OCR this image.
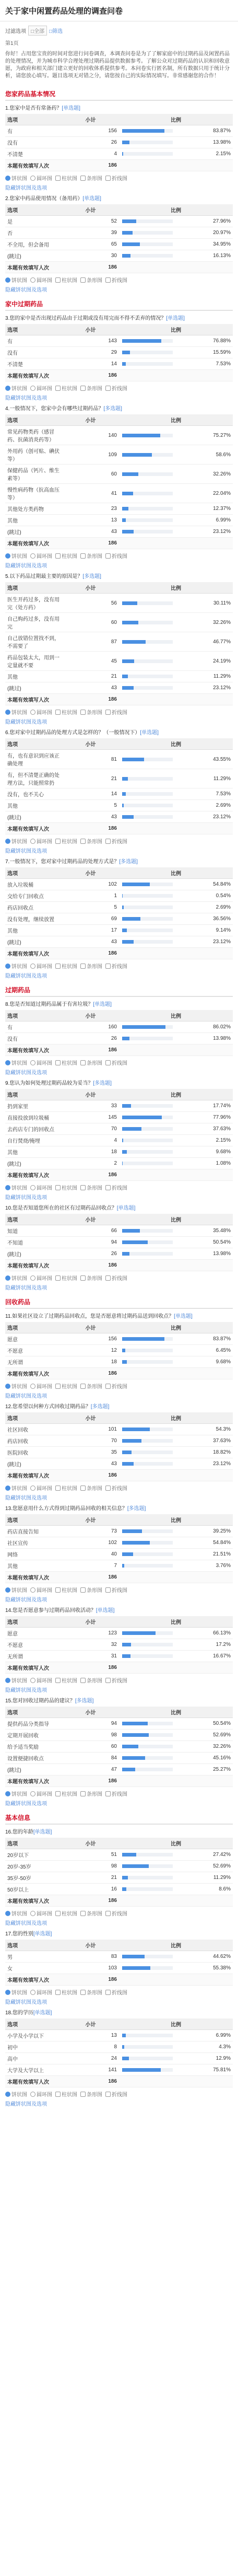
关于家中闲置药品处理的调查问卷
过滤选项 □全部 □筛选
第1页
你好！占用您宝贵的时间对您进行问卷调查，本调查问卷是为了了解家庭中的过期药品及闲置药品的处理情况，并为城市科学合理处理过期药品提供数据参考。了解公众对过期药品的认识和回收意愿，为政府和相关部门建立更好的回收体系提供参考。本问卷实行匿名制，所有数据只用于统计分析，请您放心填写。题目选项无对错之分，请您按自己的实际情况填写。非常感谢您的合作！
您家药品基本情况
1.您家中是否有常备药？[单选题]
选项	小计	比例	
有	156		83.87%
没有	26		13.98%
不清楚	4		2.15%
本题有效填写人次	186		
饼状图 圆环图 柱状图 条形图 折线图
隐藏饼状图及选项
2.您家中药品使用情况（备用药）[单选题]
选项	小计	比例	
是	52		27.96%
否	39		20.97%
不全用，但会备用	65		34.95%
(跳过)	30		16.13%
本题有效填写人次	186		
饼状图 圆环图 柱状图 条形图 折线图
隐藏饼状图及选项
家中过期药品
3.您的家中是否出现过药品由于过期或没有用完而不得不丢弃的情况？[单选题]
选项	小计	比例	
有	143		76.88%
没有	29		15.59%
不清楚	14		7.53%
本题有效填写人次	186		
饼状图 圆环图 柱状图 条形图 折线图
隐藏饼状图及选项
4.一般情况下，您家中会有哪些过期药品？[多选题]
选项	小计	比例	
常见药物类药（感冒药、抗菌消炎药等）	140		75.27%
外用药（创可贴、碘伏等）	109		58.6%
保健药品（钙片、维生素等）	60		32.26%
慢性病药物（抗高血压等）	41		22.04%
其他处方类药物	23		12.37%
其他	13		6.99%
(跳过)	43		23.12%
本题有效填写人次	186		
饼状图 圆环图 柱状图 条形图 折线图
隐藏饼状图及选项
5.以下药品过期最主要的原因是？[多选题]
选项	小计	比例	
医生开药过多，没有用完（处方药）	56		30.11%
自己购药过多，没有用完	60		32.26%
自己放错位置找不到，不需要了	87		46.77%
药品包装太大，用到一定量就不要	45		24.19%
其他	21		11.29%
(跳过)	43		23.12%
本题有效填写人次	186		
饼状图 圆环图 柱状图 条形图 折线图
隐藏饼状图及选项
6.您对家中过期药品的处理方式是怎样的？（一般情况下）[单选题]
选项	小计	比例	
有，也有意识到应该正确处理	81		43.55%
有，但不清楚正确的处理方法，只能照常扔	21		11.29%
没有，也不关心	14		7.53%
其他	5		2.69%
(跳过)	43		23.12%
本题有效填写人次	186		
饼状图 圆环图 柱状图 条形图 折线图
隐藏饼状图及选项
7.一般情况下，您对家中过期药品的处理方式是？[多选题]
选项	小计	比例	
放入垃圾桶	102		54.84%
交给专门回收点	1		0.54%
药店回收点	5		2.69%
没有处理，继续放置	69		36.56%
其他	17		9.14%
(跳过)	43		23.12%
本题有效填写人次	186		
饼状图 圆环图 柱状图 条形图 折线图
隐藏饼状图及选项
过期药品
8.您是否知道过期药品属于有害垃圾？[单选题]
选项	小计	比例	
有	160		86.02%
没有	26		13.98%
本题有效填写人次	186		
饼状图 圆环图 柱状图 条形图 折线图
隐藏饼状图及选项
9.您认为如何处理过期药品较为妥当？[多选题]
选项	小计	比例	
扔到家里	33		17.74%
直接投放到垃圾桶	145		77.96%
去药店专门的回收点	70		37.63%
自行焚烧/掩埋	4		2.15%
其他	18		9.68%
(跳过)	2		1.08%
本题有效填写人次	186		
饼状图 圆环图 柱状图 条形图 折线图
隐藏饼状图及选项
10.您是否知道您所在的社区有过期药品回收点？[单选题]
选项	小计	比例	
知道	66		35.48%
不知道	94		50.54%
(跳过)	26		13.98%
本题有效填写人次	186		
饼状图 圆环图 柱状图 条形图 折线图
隐藏饼状图及选项
回收药品
11.如果社区设立了过期药品回收点，您是否愿意将过期药品送到回收点？[单选题]
选项	小计	比例	
愿意	156		83.87%
不愿意	12		6.45%
无所谓	18		9.68%
本题有效填写人次	186		
饼状图 圆环图 柱状图 条形图 折线图
隐藏饼状图及选项
12.您希望以何种方式回收过期药品？[多选题]
选项	小计	比例	
社区回收	101		54.3%
药店回收	70		37.63%
医院回收	35		18.82%
(跳过)	43		23.12%
本题有效填写人次	186		
饼状图 圆环图 柱状图 条形图 折线图
隐藏饼状图及选项
13.您愿意用什么方式得到过期药品回收的相关信息？[多选题]
选项	小计	比例	
药店直接告知	73		39.25%
社区宣传	102		54.84%
网络	40		21.51%
其他	7		3.76%
本题有效填写人次	186		
饼状图 圆环图 柱状图 条形图 折线图
隐藏饼状图及选项
14.您是否愿意参与过期药品回收活动？[单选题]
选项	小计	比例	
愿意	123		66.13%
不愿意	32		17.2%
无所谓	31		16.67%
本题有效填写人次	186		
饼状图 圆环图 柱状图 条形图 折线图
隐藏饼状图及选项
15.您对回收过期药品的建议？[多选题]
选项	小计	比例	
提供药品分类指导	94		50.54%
定期开展回收	98		52.69%
给予适当奖励	60		32.26%
设置便捷回收点	84		45.16%
(跳过)	47		25.27%
本题有效填写人次	186		
饼状图 圆环图 柱状图 条形图 折线图
隐藏饼状图及选项
基本信息
16.您的年龄[单选题]
选项	小计	比例	
20岁以下	51		27.42%
20岁-35岁	98		52.69%
35岁-50岁	21		11.29%
50岁以上	16		8.6%
本题有效填写人次	186		
饼状图 圆环图 柱状图 条形图 折线图
隐藏饼状图及选项
17.您的性别[单选题]
选项	小计	比例	
男	83		44.62%
女	103		55.38%
本题有效填写人次	186		
饼状图 圆环图 柱状图 条形图 折线图
隐藏饼状图及选项
18.您的学历[单选题]
选项	小计	比例	
小学及小学以下	13		6.99%
初中	8		4.3%
高中	24		12.9%
大学及大学以上	141		75.81%
本题有效填写人次	186		
饼状图 圆环图 柱状图 条形图 折线图
隐藏饼状图及选项
